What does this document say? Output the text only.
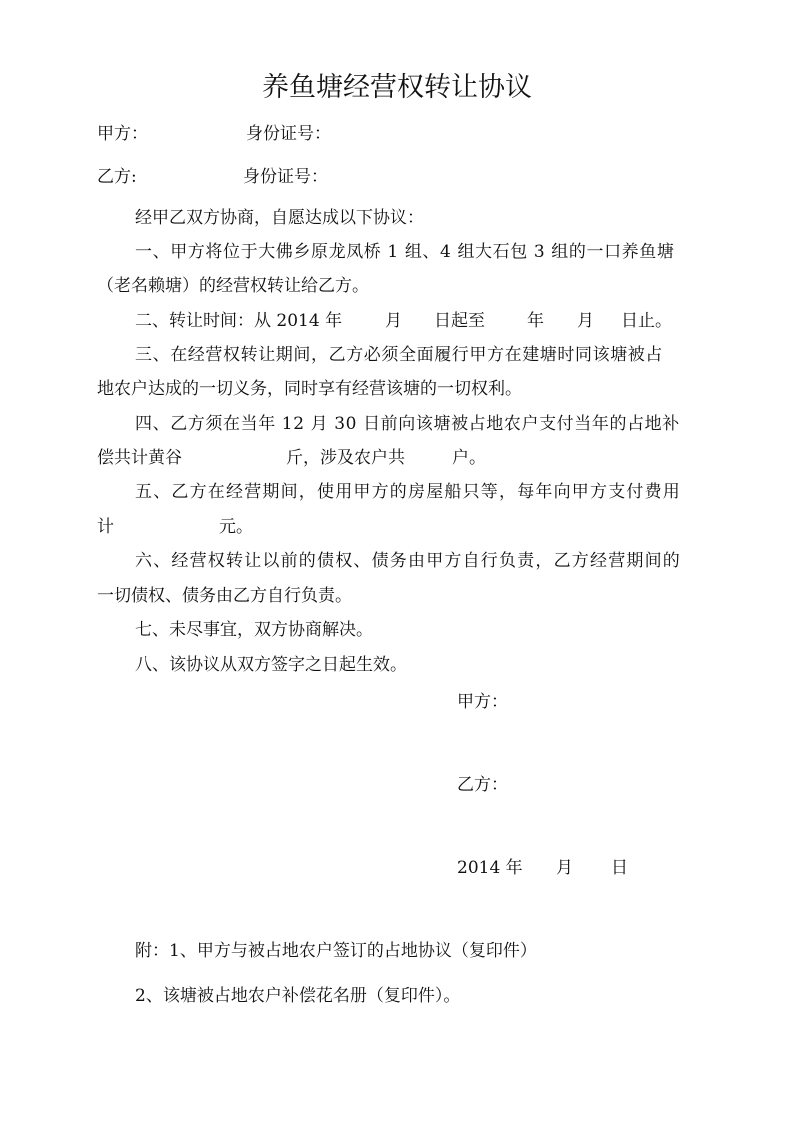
养鱼塘经营权转让协议
甲方：	身份证号：
乙方:	身份证号：
经甲乙双方协商，自愿达成以下协议：
一、甲方将位于大佛乡原龙凤桥 1 组、4 组大石包 3 组的一口养鱼塘
（老名赖塘）的经营权转让给乙方。
二、转让时间：从 2014 年	月 日起至 年 月 日止。
三、在经营权转让期间，乙方必须全面履行甲方在建塘时同该塘被占
地农户达成的一切义务，同时享有经营该塘的一切权利。
四、乙方须在当年 12 月 30 日前向该塘被占地农户支付当年的占地补
偿共计黄谷	斤，涉及农户共	户。
五、乙方在经营期间，使用甲方的房屋船只等，每年向甲方支付费用
计	元。
六、经营权转让以前的债权、债务由甲方自行负责，乙方经营期间的
一切债权、债务由乙方自行负责。
七、未尽事宜，双方协商解决。
八、该协议从双方签字之日起生效。
甲方：
乙方：
2014 年 月 日
附：1、甲方与被占地农户签订的占地协议（复印件）
2、该塘被占地农户补偿花名册（复印件）。
